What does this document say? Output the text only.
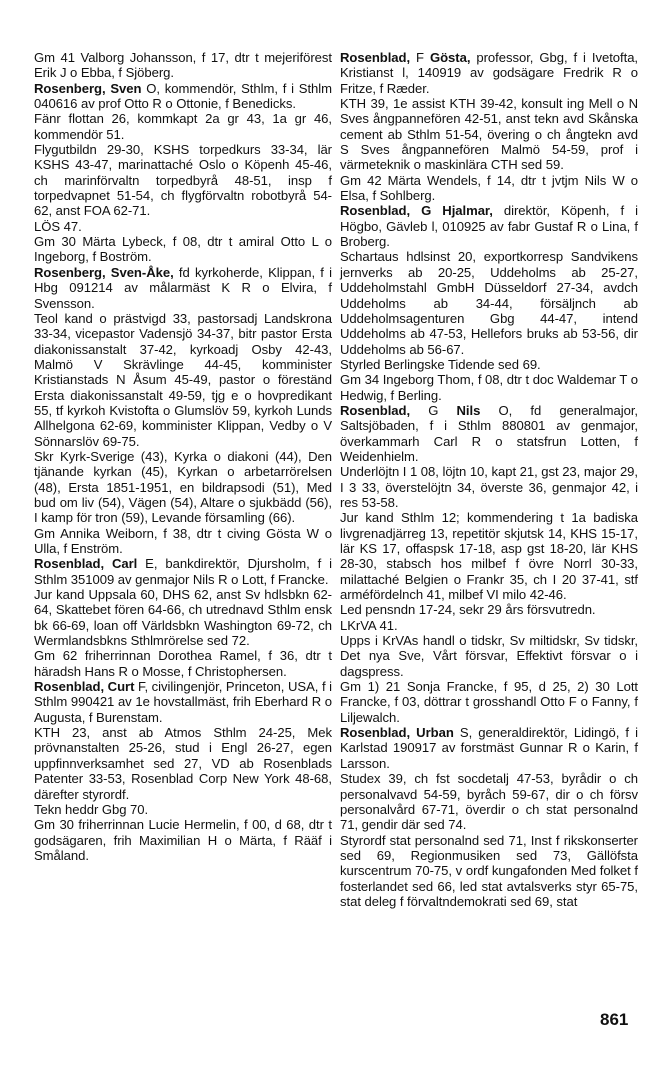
Gm 41 Valborg Johansson, f 17, dtr t mejeriförest Erik J o Ebba, f Sjöberg.
Rosenberg, Sven O, kommendör, Sthlm, f i Sthlm 040616 av prof Otto R o Ottonie, f Benedicks.
Fänr flottan 26, kommkapt 2a gr 43, 1a gr 46, kommendör 51.
Flygutbildn 29-30, KSHS torpedkurs 33-34, lär KSHS 43-47, marinattaché Oslo o Köpenh 45-46, ch marinförvaltn torpedbyrå 48-51, insp f torpedvapnet 51-54, ch flygförvaltn robotbyrå 54-62, anst FOA 62-71.
LÖS 47.
Gm 30 Märta Lybeck, f 08, dtr t amiral Otto L o Ingeborg, f Boström.
Rosenberg, Sven-Åke, fd kyrkoherde, Klippan, f i Hbg 091214 av målarmäst K R o Elvira, f Svensson.
Teol kand o prästvigd 33, pastorsadj Landskrona 33-34, vicepastor Vadensjö 34-37, bitr pastor Ersta diakonissanstalt 37-42, kyrkoadj Osby 42-43, Malmö V Skrävlinge 44-45, komminister Kristianstads N Åsum 45-49, pastor o föreständ Ersta diakonissanstalt 49-59, tjg e o hovpredikant 55, tf kyrkoh Kvistofta o Glumslöv 59, kyrkoh Lunds Allhelgona 62-69, komminister Klippan, Vedby o V Sönnarslöv 69-75.
Skr Kyrk-Sverige (43), Kyrka o diakoni (44), Den tjänande kyrkan (45), Kyrkan o arbetarrörelsen (48), Ersta 1851-1951, en bildrapsodi (51), Med bud om liv (54), Vägen (54), Altare o sjukbädd (56), I kamp för tron (59), Levande församling (66).
Gm Annika Weiborn, f 38, dtr t civing Gösta W o Ulla, f Enström.
Rosenblad, Carl E, bankdirektör, Djursholm, f i Sthlm 351009 av genmajor Nils R o Lott, f Francke.
Jur kand Uppsala 60, DHS 62, anst Sv hdlsbkn 62-64, Skattebet fören 64-66, ch utrednavd Sthlm ensk bk 66-69, loan off Världsbkn Washington 69-72, ch Wermlandsbkns Sthlmrörelse sed 72.
Gm 62 friherrinnan Dorothea Ramel, f 36, dtr t häradsh Hans R o Mosse, f Christophersen.
Rosenblad, Curt F, civilingenjör, Princeton, USA, f i Sthlm 990421 av 1e hovstallmäst, frih Eberhard R o Augusta, f Burenstam.
KTH 23, anst ab Atmos Sthlm 24-25, Mek prövnanstalten 25-26, stud i Engl 26-27, egen uppfinnverksamhet sed 27, VD ab Rosenblads Patenter 33-53, Rosenblad Corp New York 48-68, därefter styrordf.
Tekn heddr Gbg 70.
Gm 30 friherrinnan Lucie Hermelin, f 00, d 68, dtr t godsägaren, frih Maximilian H o Märta, f Rääf i Småland.
Rosenblad, F Gösta, professor, Gbg, f i Ivetofta, Kristianst l, 140919 av godsägare Fredrik R o Fritze, f Ræder.
KTH 39, 1e assist KTH 39-42, konsult ing Mell o N Sves ångpannefören 42-51, anst tekn avd Skånska cement ab Sthlm 51-54, övering o ch ångtekn avd S Sves ångpannefören Malmö 54-59, prof i värmeteknik o maskinlära CTH sed 59.
Gm 42 Märta Wendels, f 14, dtr t jvtjm Nils W o Elsa, f Sohlberg.
Rosenblad, G Hjalmar, direktör, Köpenh, f i Högbo, Gävleb l, 010925 av fabr Gustaf R o Lina, f Broberg.
Schartaus hdlsinst 20, exportkorresp Sandvikens jernverks ab 20-25, Uddeholms ab 25-27, Uddeholmstahl GmbH Düsseldorf 27-34, avdch Uddeholms ab 34-44, försäljnch ab Uddeholmsagenturen Gbg 44-47, intend Uddeholms ab 47-53, Hellefors bruks ab 53-56, dir Uddeholms ab 56-67.
Styrled Berlingske Tidende sed 69.
Gm 34 Ingeborg Thom, f 08, dtr t doc Waldemar T o Hedwig, f Berling.
Rosenblad, G Nils O, fd generalmajor, Saltsjöbaden, f i Sthlm 880801 av genmajor, överkammarh Carl R o statsfrun Lotten, f Weidenhielm.
Underlöjtn I 1 08, löjtn 10, kapt 21, gst 23, major 29, I 3 33, överstelöjtn 34, överste 36, genmajor 42, i res 53-58.
Jur kand Sthlm 12; kommendering t 1a badiska livgrenadjärreg 13, repetitör skjutsk 14, KHS 15-17, lär KS 17, offaspsk 17-18, asp gst 18-20, lär KHS 28-30, stabsch hos milbef f övre Norrl 30-33, milattaché Belgien o Frankr 35, ch I 20 37-41, stf arméfördelnch 41, milbef VI milo 42-46.
Led pensndn 17-24, sekr 29 års försvutredn.
LKrVA 41.
Upps i KrVAs handl o tidskr, Sv miltidskr, Sv tidskr, Det nya Sve, Vårt försvar, Effektivt försvar o i dagspress.
Gm 1) 21 Sonja Francke, f 95, d 25, 2) 30 Lott Francke, f 03, döttrar t grosshandl Otto F o Fanny, f Liljewalch.
Rosenblad, Urban S, generaldirektör, Lidingö, f i Karlstad 190917 av forstmäst Gunnar R o Karin, f Larsson.
Studex 39, ch fst socdetalj 47-53, byrådir o ch personalvavd 54-59, byråch 59-67, dir o ch försv personalvård 67-71, överdir o ch stat personalnd 71, gendir där sed 74.
Styrordf stat personalnd sed 71, Inst f rikskonserter sed 69, Regionmusiken sed 73, Gällöfsta kurscentrum 70-75, v ordf kungafonden Med folket f fosterlandet sed 66, led stat avtalsverks styr 65-75, stat deleg f förvaltndemokrati sed 69, stat
861
